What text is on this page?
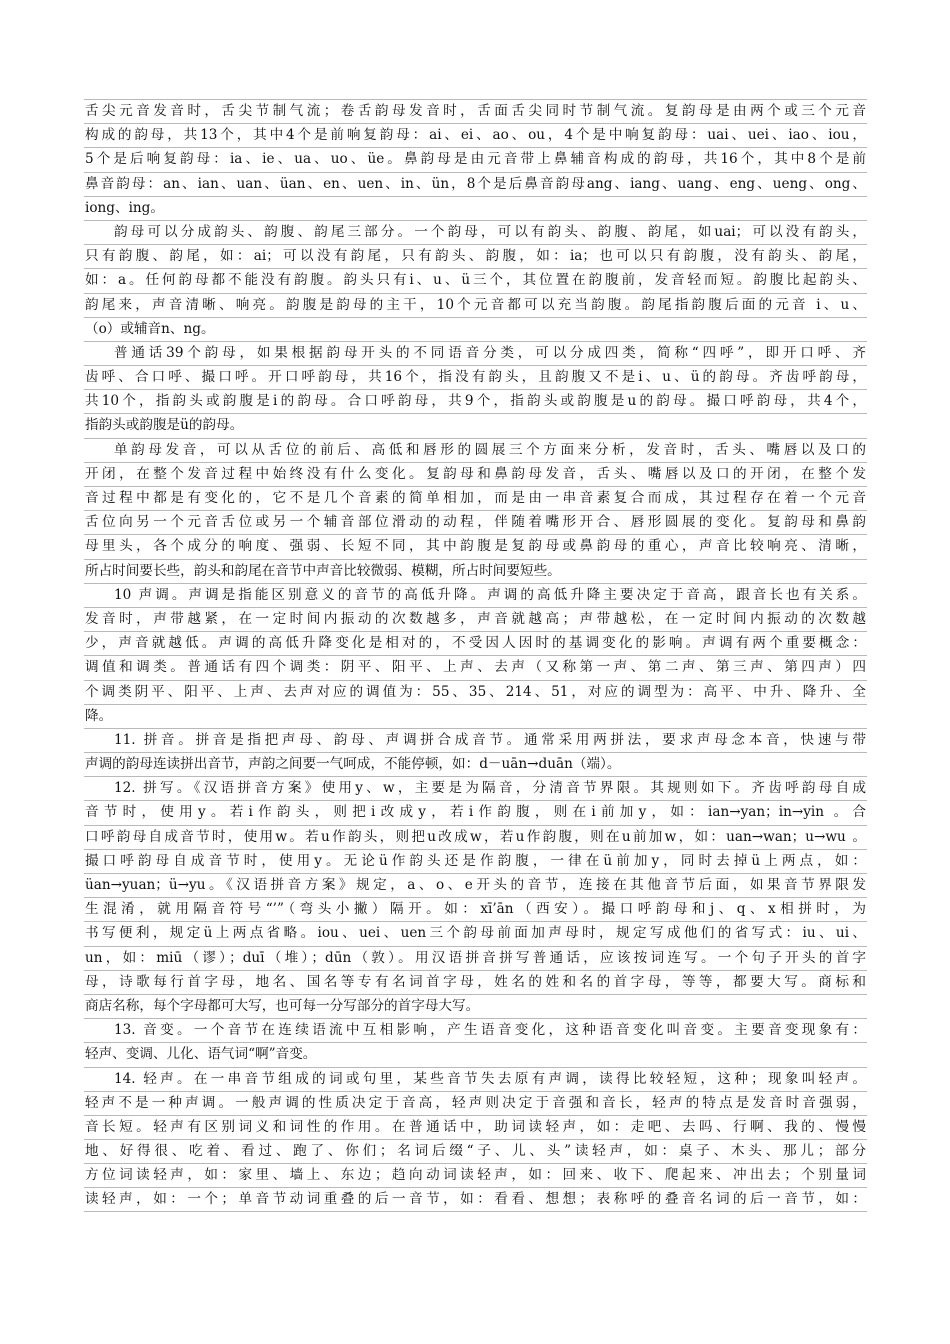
舌尖元音发音时，舌尖节制气流；卷舌韵母发音时，舌面舌尖同时节制气流。复韵母是由两个或三个元音
构成的韵母，共13个，其中4个是前响复韵母：ai、ei、ao、ou，4个是中响复韵母：uai、uei、iao、iou，
5个是后响复韵母：ia、ie、ua、uo、üe。鼻韵母是由元音带上鼻辅音构成的韵母，共16个，其中8个是前
鼻音韵母：an、ian、uan、üan、en、uen、in、ün，8个是后鼻音韵母ang、iang、uang、eng、ueng、ong、
iong、ing。
韵母可以分成韵头、韵腹、韵尾三部分。一个韵母，可以有韵头、韵腹、韵尾，如uai；可以没有韵头，
只有韵腹、韵尾，如：ai；可以没有韵尾，只有韵头、韵腹，如：ia；也可以只有韵腹，没有韵头、韵尾，
如：a。任何韵母都不能没有韵腹。韵头只有i、u、ü三个，其位置在韵腹前，发音轻而短。韵腹比起韵头、
韵尾来，声音清晰、响亮。韵腹是韵母的主干，10个元音都可以充当韵腹。韵尾指韵腹后面的元音 i、u、
（o）或辅音n、ng。
普通话39个韵母，如果根据韵母开头的不同语音分类，可以分成四类，简称“四呼”，即开口呼、齐
齿呼、合口呼、撮口呼。开口呼韵母，共16个，指没有韵头，且韵腹又不是i、u、ü的韵母。齐齿呼韵母，
共10个，指韵头或韵腹是i的韵母。合口呼韵母，共9个，指韵头或韵腹是u的韵母。撮口呼韵母，共4个，
指韵头或韵腹是ü的韵母。
单韵母发音，可以从舌位的前后、高低和唇形的圆展三个方面来分析，发音时，舌头、嘴唇以及口的
开闭，在整个发音过程中始终没有什么变化。复韵母和鼻韵母发音，舌头、嘴唇以及口的开闭，在整个发
音过程中都是有变化的，它不是几个音素的简单相加，而是由一串音素复合而成，其过程存在着一个元音
舌位向另一个元音舌位或另一个辅音部位滑动的动程，伴随着嘴形开合、唇形圆展的变化。复韵母和鼻韵
母里头，各个成分的响度、强弱、长短不同，其中韵腹是复韵母或鼻韵母的重心，声音比较响亮、清晰，
所占时间要长些，韵头和韵尾在音节中声音比较微弱、模糊，所占时间要短些。
10 声调。声调是指能区别意义的音节的高低升降。声调的高低升降主要决定于音高，跟音长也有关系。
发音时，声带越紧，在一定时间内振动的次数越多，声音就越高；声带越松，在一定时间内振动的次数越
少，声音就越低。声调的高低升降变化是相对的，不受因人因时的基调变化的影响。声调有两个重要概念：
调值和调类。普通话有四个调类：阴平、阳平、上声、去声（又称第一声、第二声、第三声、第四声）四
个调类阴平、阳平、上声、去声对应的调值为：55、35、214、51，对应的调型为：高平、中升、降升、全
降。
11. 拼音。拼音是指把声母、韵母、声调拼合成音节。通常采用两拼法，要求声母念本音，快速与带
声调的韵母连读拼出音节，声韵之间要一气呵成，不能停顿，如：d－uān→duān（端）。
12. 拼写。《汉语拼音方案》使用y、w，主要是为隔音，分清音节界限。其规则如下。齐齿呼韵母自成
音节时，使用y。若i作韵头，则把i改成y，若i作韵腹，则在i前加y，如：ian→yan；in→yin 。合
口呼韵母自成音节时，使用w。若u作韵头，则把u改成w，若u作韵腹，则在u前加w，如：uan→wan；u→wu 。
撮口呼韵母自成音节时，使用y。无论ü作韵头还是作韵腹，一律在ü前加y，同时去掉ü上两点，如：
üan→yuan；ü→yu。《汉语拼音方案》规定，a、o、e开头的音节，连接在其他音节后面，如果音节界限发
生混淆，就用隔音符号“’”（弯头小撇）隔开。如：xī’ān（西安）。撮口呼韵母和j、q、x相拼时，为
书写便利，规定ü上两点省略。iou、uei、uen三个韵母前面加声母时，规定写成他们的省写式：iu、ui、
un，如：miū（谬）；duī（堆）；dūn（敦）。用汉语拼音拼写普通话，应该按词连写。一个句子开头的首字
母，诗歌每行首字母，地名、国名等专有名词首字母，姓名的姓和名的首字母，等等，都要大写。商标和
商店名称，每个字母都可大写，也可每一分写部分的首字母大写。
13. 音变。一个音节在连续语流中互相影响，产生语音变化，这种语音变化叫音变。主要音变现象有：
轻声、变调、儿化、语气词“啊”音变。
14. 轻声。在一串音节组成的词或句里，某些音节失去原有声调，读得比较轻短，这种；现象叫轻声。
轻声不是一种声调。一般声调的性质决定于音高，轻声则决定于音强和音长，轻声的特点是发音时音强弱，
音长短。轻声有区别词义和词性的作用。在普通话中，助词读轻声，如：走吧、去吗、行啊、我的、慢慢
地、好得很、吃着、看过、跑了、你们；名词后缀“子、儿、头”读轻声，如：桌子、木头、那儿；部分
方位词读轻声，如：家里、墙上、东边；趋向动词读轻声，如：回来、收下、爬起来、冲出去；个别量词
读轻声，如：一个；单音节动词重叠的后一音节，如：看看、想想；表称呼的叠音名词的后一音节，如：
